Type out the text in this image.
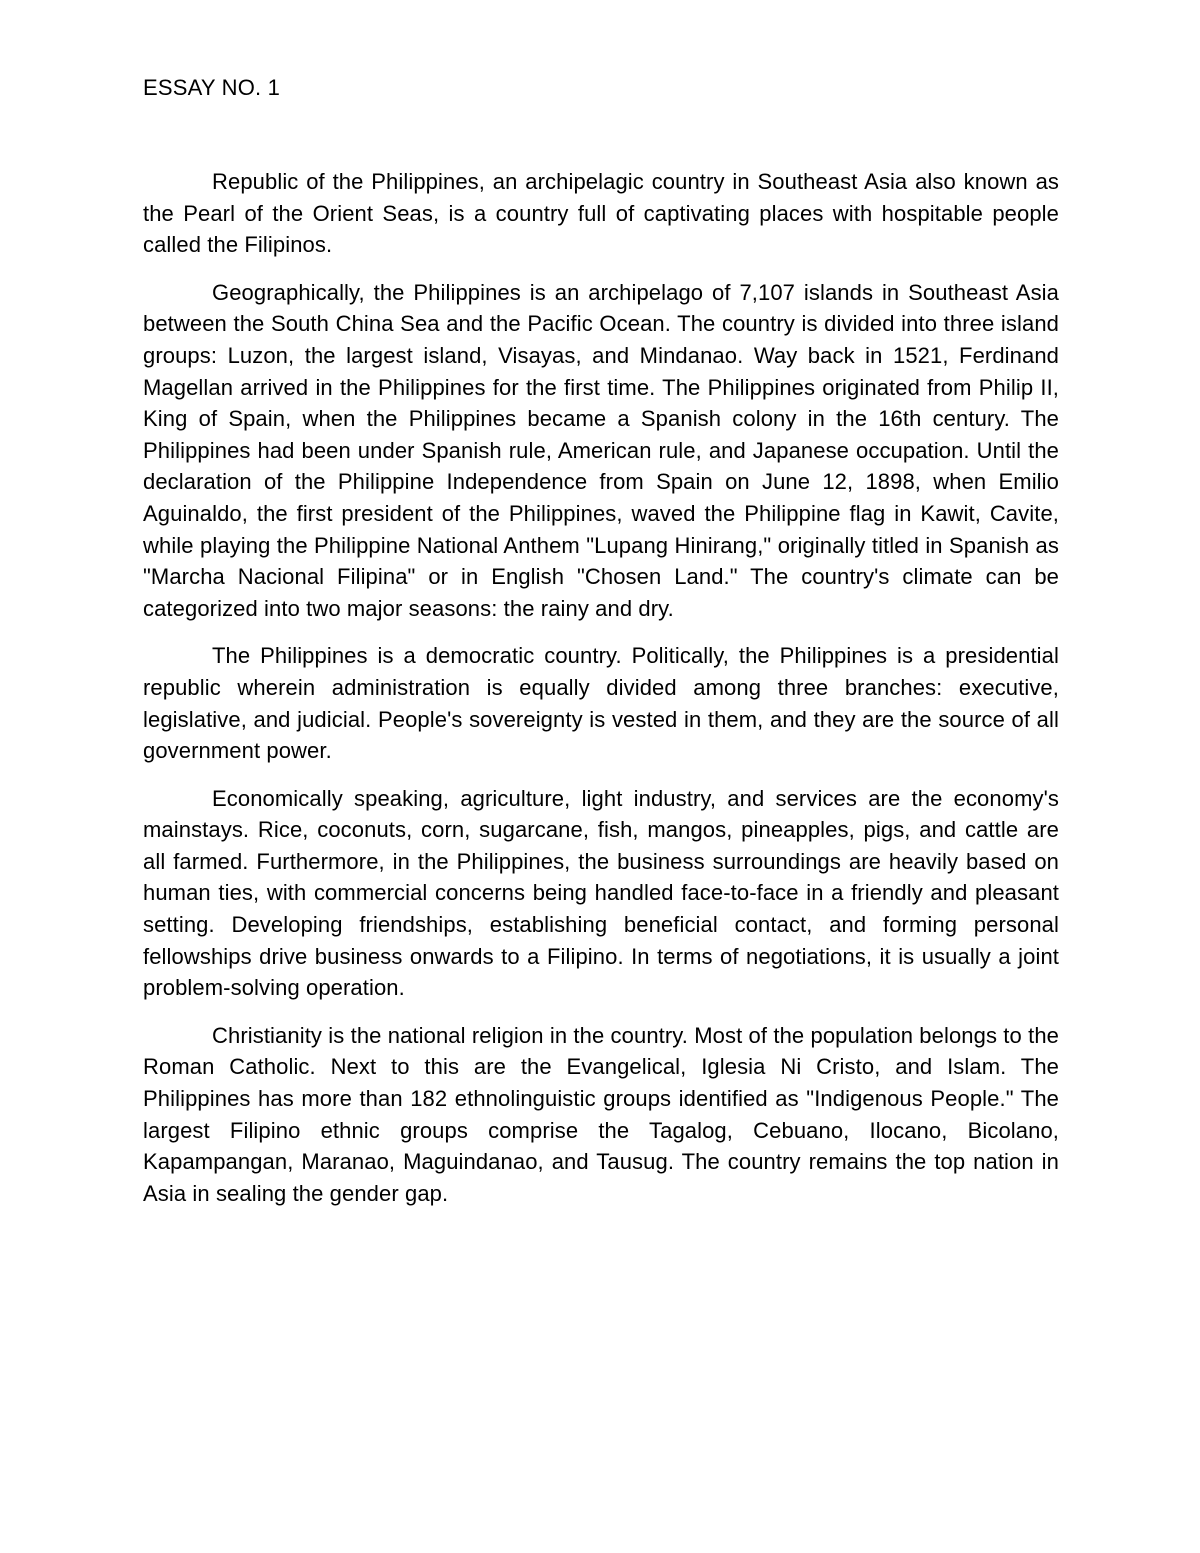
ESSAY NO. 1

Republic of the Philippines, an archipelagic country in Southeast Asia also known as the Pearl of the Orient Seas, is a country full of captivating places with hospitable people called the Filipinos.

Geographically, the Philippines is an archipelago of 7,107 islands in Southeast Asia between the South China Sea and the Pacific Ocean. The country is divided into three island groups: Luzon, the largest island, Visayas, and Mindanao. Way back in 1521, Ferdinand Magellan arrived in the Philippines for the first time. The Philippines originated from Philip II, King of Spain, when the Philippines became a Spanish colony in the 16th century. The Philippines had been under Spanish rule, American rule, and Japanese occupation. Until the declaration of the Philippine Independence from Spain on June 12, 1898, when Emilio Aguinaldo, the first president of the Philippines, waved the Philippine flag in Kawit, Cavite, while playing the Philippine National Anthem "Lupang Hinirang," originally titled in Spanish as "Marcha Nacional Filipina" or in English "Chosen Land." The country's climate can be categorized into two major seasons: the rainy and dry.

The Philippines is a democratic country. Politically, the Philippines is a presidential republic wherein administration is equally divided among three branches: executive, legislative, and judicial. People's sovereignty is vested in them, and they are the source of all government power.

Economically speaking, agriculture, light industry, and services are the economy's mainstays. Rice, coconuts, corn, sugarcane, fish, mangos, pineapples, pigs, and cattle are all farmed. Furthermore, in the Philippines, the business surroundings are heavily based on human ties, with commercial concerns being handled face-to-face in a friendly and pleasant setting. Developing friendships, establishing beneficial contact, and forming personal fellowships drive business onwards to a Filipino. In terms of negotiations, it is usually a joint problem-solving operation.

Christianity is the national religion in the country. Most of the population belongs to the Roman Catholic. Next to this are the Evangelical, Iglesia Ni Cristo, and Islam. The Philippines has more than 182 ethnolinguistic groups identified as "Indigenous People." The largest Filipino ethnic groups comprise the Tagalog, Cebuano, Ilocano, Bicolano, Kapampangan, Maranao, Maguindanao, and Tausug. The country remains the top nation in Asia in sealing the gender gap.
